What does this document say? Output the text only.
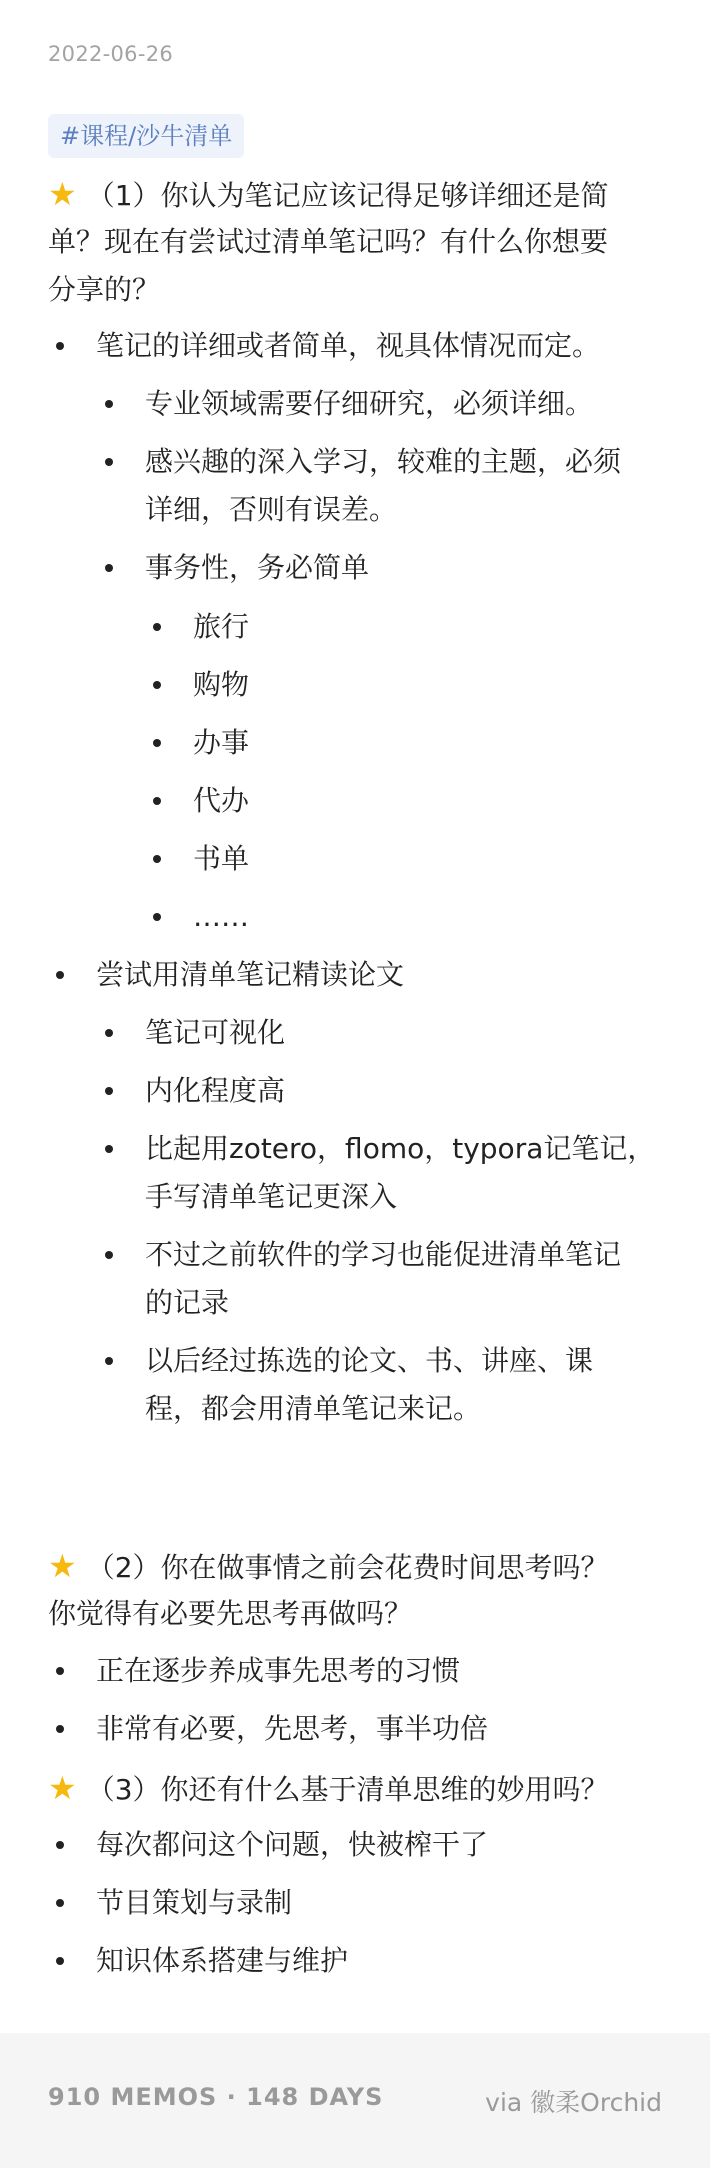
2022-06-26
#课程/沙牛清单
★ （1）你认为笔记应该记得足够详细还是简
单？现在有尝试过清单笔记吗？有什么你想要
分享的？
笔记的详细或者简单，视具体情况而定。
专业领域需要仔细研究，必须详细。
感兴趣的深入学习，较难的主题，必须
详细，否则有误差。
事务性，务必简单
旅行
购物
办事
代办
书单
……
尝试用清单笔记精读论文
笔记可视化
内化程度高
比起用zotero，flomo，typora记笔记，
手写清单笔记更深入
不过之前软件的学习也能促进清单笔记
的记录
以后经过拣选的论文、书、讲座、课
程，都会用清单笔记来记。
★ （2）你在做事情之前会花费时间思考吗？
你觉得有必要先思考再做吗？
正在逐步养成事先思考的习惯
非常有必要，先思考，事半功倍
★ （3）你还有什么基于清单思维的妙用吗？
每次都问这个问题，快被榨干了
节目策划与录制
知识体系搭建与维护
910 MEMOS · 148 DAYS	via 徽柔Orchid
